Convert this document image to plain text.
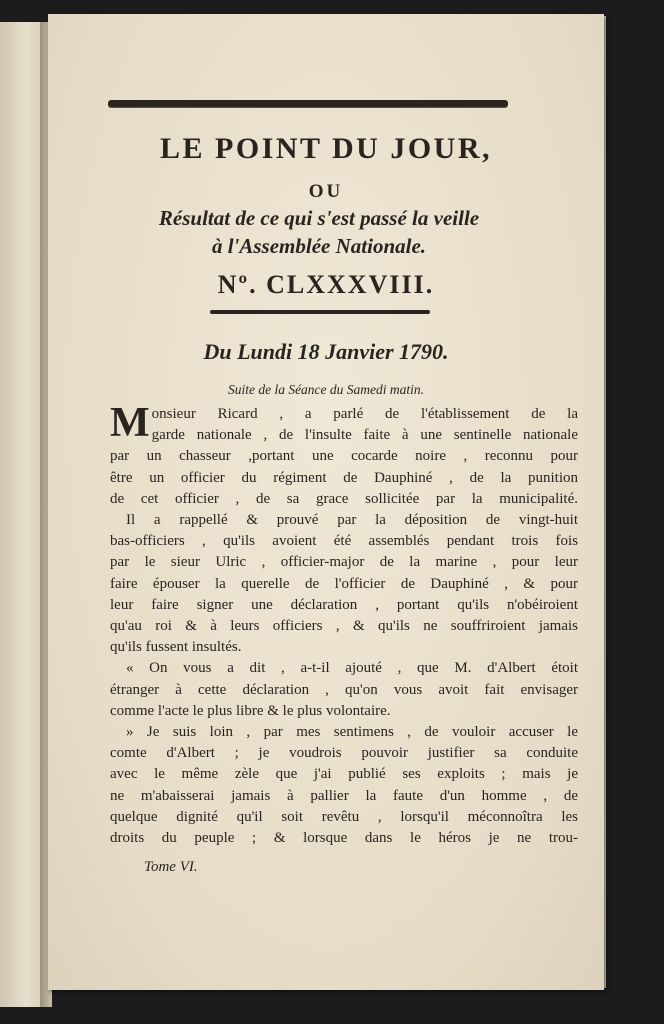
LE POINT DU JOUR,
OU
Résultat de ce qui s'est passé la veille
à l'Assemblée Nationale.
Nº. CLXXXVIII.
Du Lundi 18 Janvier 1790.
Suite de la Séance du Samedi matin.
M onsieur Ricard , a parlé de l'établissement de la
garde nationale , de l'insulte faite à une sentinelle nationale
par un chasseur ,portant une cocarde noire , reconnu pour
être un officier du régiment de Dauphiné , de la punition
de cet officier , de sa grace sollicitée par la municipalité.
Il a rappellé & prouvé par la déposition de vingt-huit
bas-officiers , qu'ils avoient été assemblés pendant trois fois
par le sieur Ulric , officier-major de la marine , pour leur
faire épouser la querelle de l'officier de Dauphiné , & pour
leur faire signer une déclaration , portant qu'ils n'obéiroient
qu'au roi & à leurs officiers , & qu'ils ne souffriroient jamais
qu'ils fussent insultés.
« On vous a dit , a-t-il ajouté , que M. d'Albert étoit
étranger à cette déclaration , qu'on vous avoit fait envisager
comme l'acte le plus libre & le plus volontaire.
» Je suis loin , par mes sentimens , de vouloir accuser le
comte d'Albert ; je voudrois pouvoir justifier sa conduite
avec le même zèle que j'ai publié ses exploits ; mais je
ne m'abaisserai jamais à pallier la faute d'un homme , de
quelque dignité qu'il soit revêtu , lorsqu'il méconnoîtra les
droits du peuple ; & lorsque dans le héros je ne trou-
Tome VI.
